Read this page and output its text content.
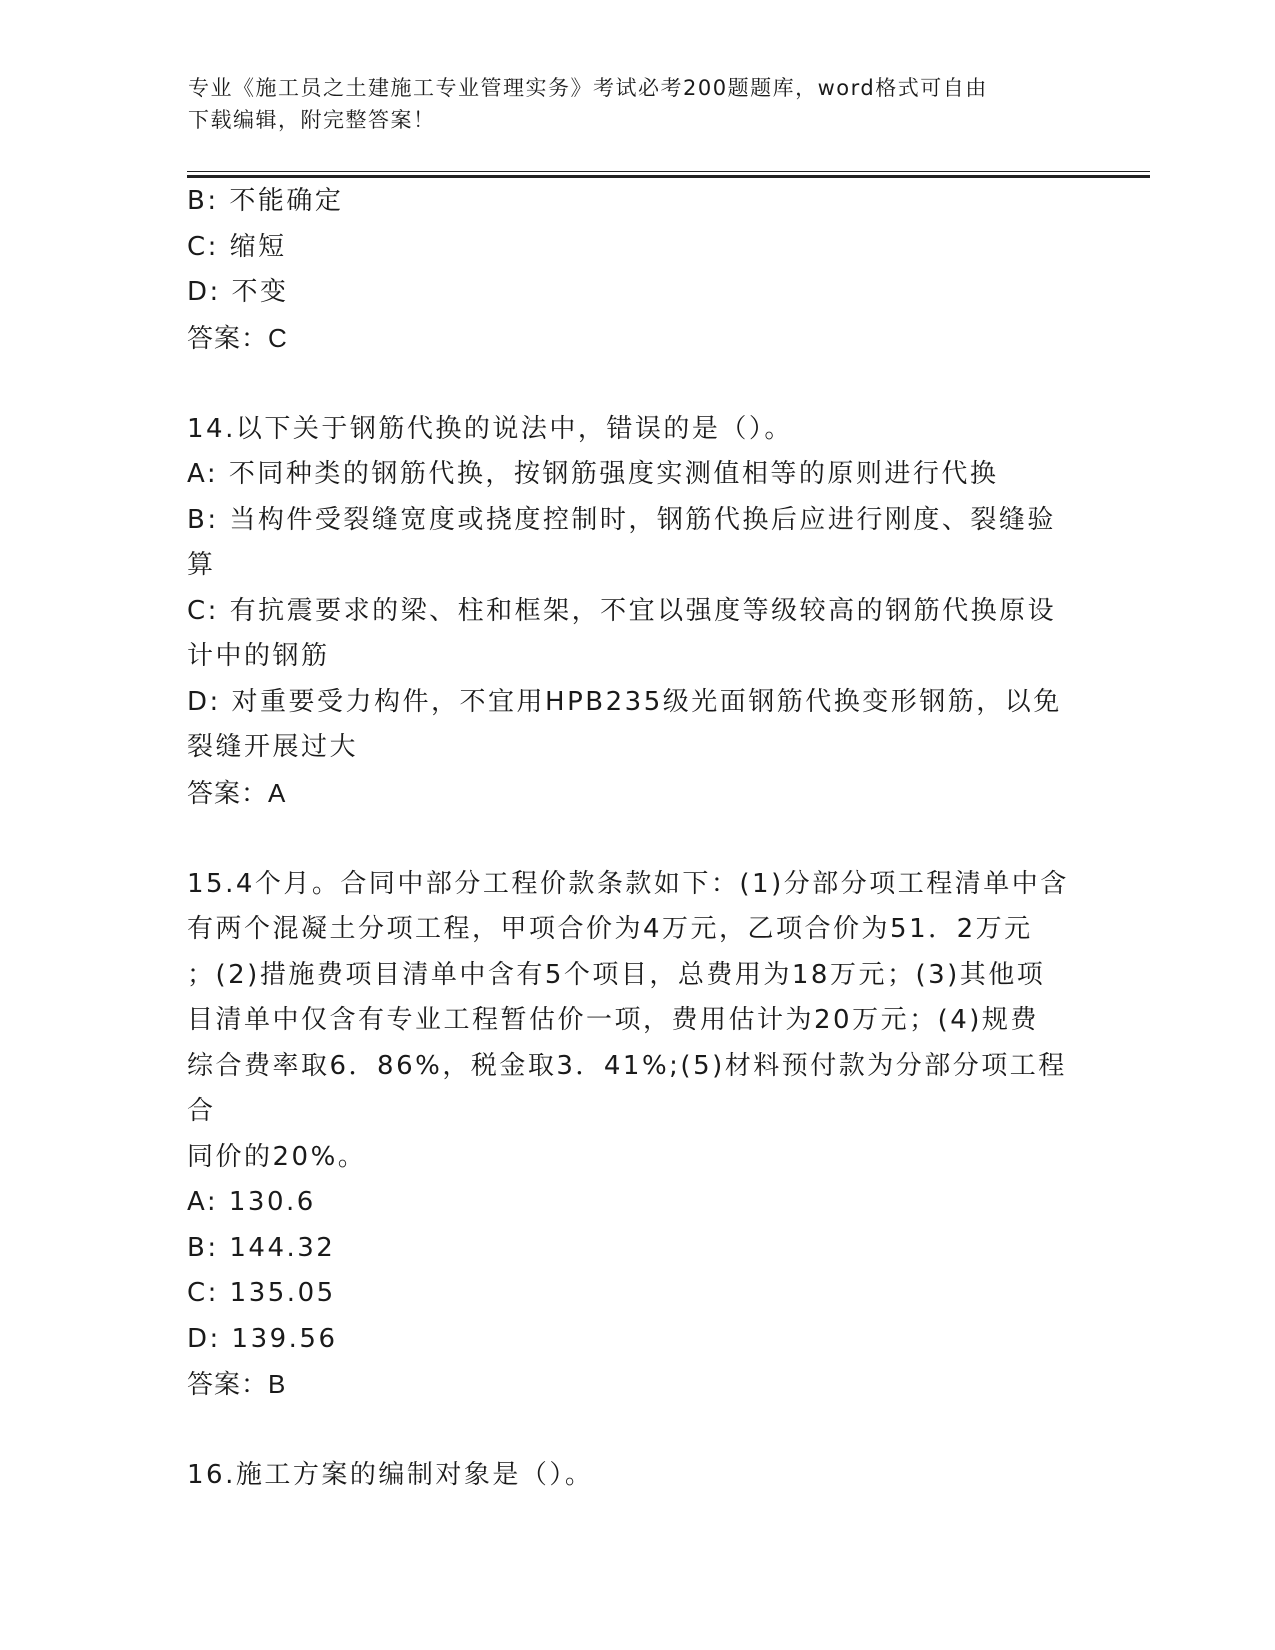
专业《施工员之土建施工专业管理实务》考试必考200题题库，word格式可自由
下载编辑，附完整答案！
B: 不能确定
C: 缩短
D: 不变
答案：C
14.以下关于钢筋代换的说法中，错误的是（）。
A: 不同种类的钢筋代换，按钢筋强度实测值相等的原则进行代换
B: 当构件受裂缝宽度或挠度控制时，钢筋代换后应进行刚度、裂缝验
算
C: 有抗震要求的梁、柱和框架，不宜以强度等级较高的钢筋代换原设
计中的钢筋
D: 对重要受力构件，不宜用HPB235级光面钢筋代换变形钢筋，以免
裂缝开展过大
答案：A
15.4个月。合同中部分工程价款条款如下：(1)分部分项工程清单中含
有两个混凝土分项工程，甲项合价为4万元，乙项合价为51．2万元
；(2)措施费项目清单中含有5个项目，总费用为18万元；(3)其他项
目清单中仅含有专业工程暂估价一项，费用估计为20万元；(4)规费
综合费率取6．86%，税金取3．41%;(5)材料预付款为分部分项工程合
同价的20%。
A: 130.6
B: 144.32
C: 135.05
D: 139.56
答案：B
16.施工方案的编制对象是（）。
